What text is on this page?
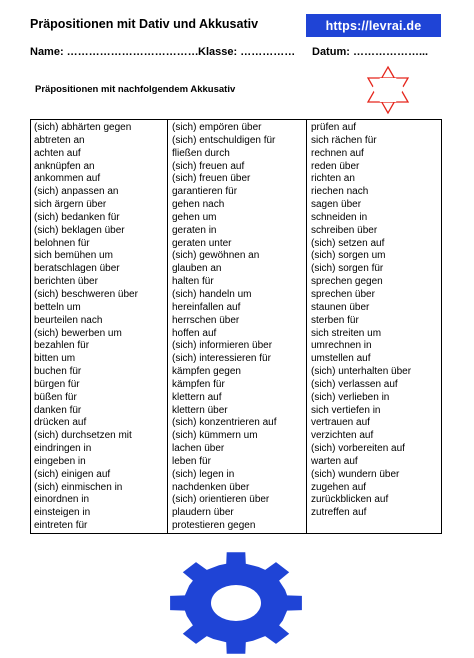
Präpositionen mit Dativ und Akkusativ	https://levrai.de
Name: ……………………………… Klasse: …………… Datum: ………………...
Präpositionen mit nachfolgendem Akkusativ
(sich) abhärten gegen
abtreten an
achten auf
anknüpfen an
ankommen auf
(sich) anpassen an
sich ärgern über
(sich) bedanken für
(sich) beklagen über
belohnen für
sich bemühen um
beratschlagen über
berichten über
(sich) beschweren über
betteln um
beurteilen nach
(sich) bewerben um
bezahlen für
bitten um
buchen für
bürgen für
büßen für
danken für
drücken auf
(sich) durchsetzen mit
eindringen in
eingeben in
(sich) einigen auf
(sich) einmischen in
einordnen in
einsteigen in
eintreten für
(sich) empören über
(sich) entschuldigen für
fließen durch
(sich) freuen auf
(sich) freuen über
garantieren für
gehen nach
gehen um
geraten in
geraten unter
(sich) gewöhnen an
glauben an
halten für
(sich) handeln um
hereinfallen auf
herrschen über
hoffen auf
(sich) informieren über
(sich) interessieren für
kämpfen gegen
kämpfen für
klettern auf
klettern über
(sich) konzentrieren auf
(sich) kümmern um
lachen über
leben für
(sich) legen in
nachdenken über
(sich) orientieren über
plaudern über
protestieren gegen
prüfen auf
sich rächen für
rechnen auf
reden über
richten an
riechen nach
sagen über
schneiden in
schreiben über
(sich) setzen auf
(sich) sorgen um
(sich) sorgen für
sprechen gegen
sprechen über
staunen über
sterben für
sich streiten um
umrechnen in
umstellen auf
(sich) unterhalten über
(sich) verlassen auf
(sich) verlieben in
sich vertiefen in
vertrauen auf
verzichten auf
(sich) vorbereiten auf
warten auf
(sich) wundern über
zugehen auf
zurückblicken auf
zutreffen auf
